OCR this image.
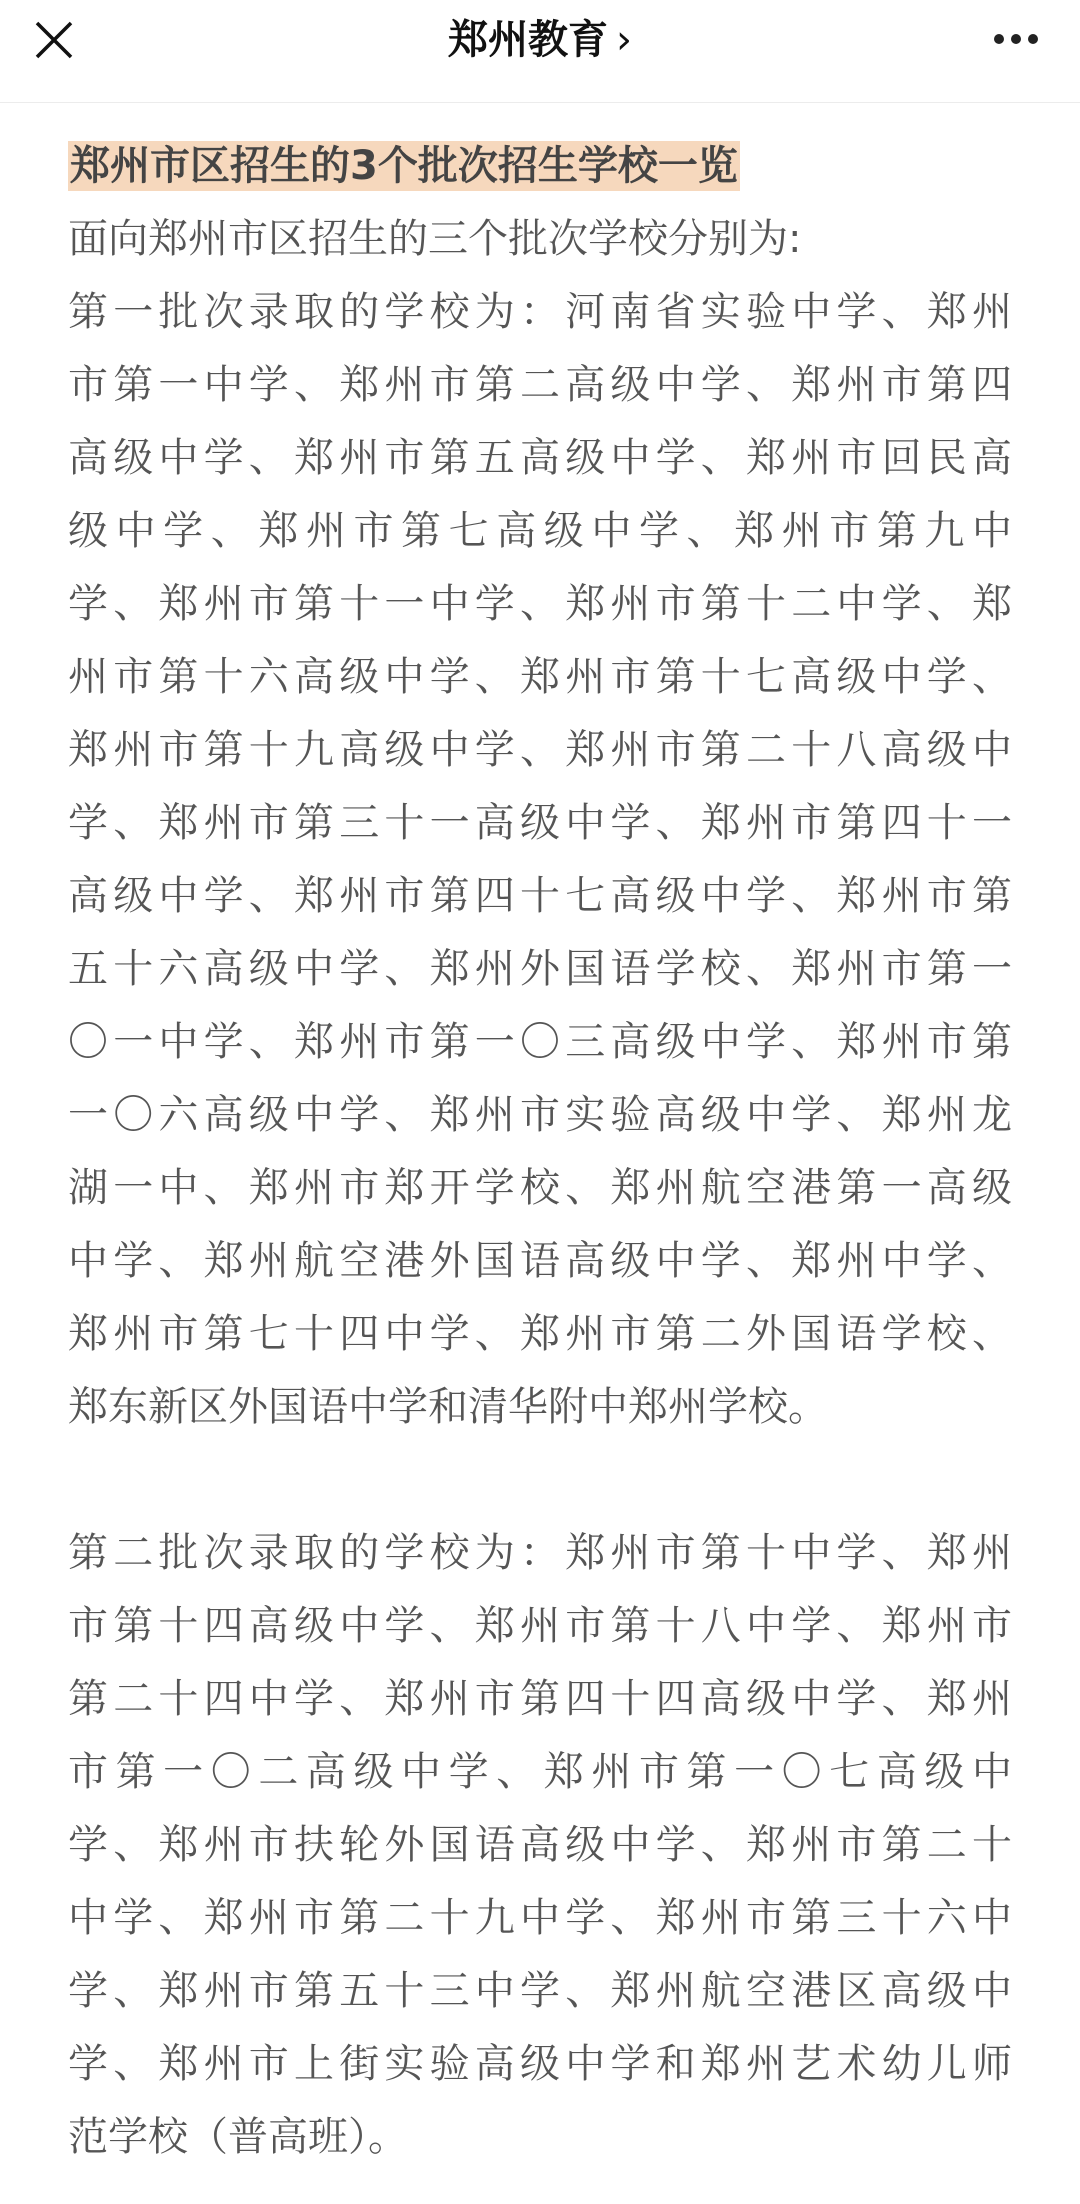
郑州教育 ›
郑州市区招生的3个批次招生学校一览
面向郑州市区招生的三个批次学校分别为:
第一批次录取的学校为：河南省实验中学、郑州
市第一中学、郑州市第二高级中学、郑州市第四
高级中学、郑州市第五高级中学、郑州市回民高
级中学、郑州市第七高级中学、郑州市第九中
学、郑州市第十一中学、郑州市第十二中学、郑
州市第十六高级中学、郑州市第十七高级中学、
郑州市第十九高级中学、郑州市第二十八高级中
学、郑州市第三十一高级中学、郑州市第四十一
高级中学、郑州市第四十七高级中学、郑州市第
五十六高级中学、郑州外国语学校、郑州市第一
〇一中学、郑州市第一〇三高级中学、郑州市第
一〇六高级中学、郑州市实验高级中学、郑州龙
湖一中、郑州市郑开学校、郑州航空港第一高级
中学、郑州航空港外国语高级中学、郑州中学、
郑州市第七十四中学、郑州市第二外国语学校、
郑东新区外国语中学和清华附中郑州学校。
第二批次录取的学校为：郑州市第十中学、郑州
市第十四高级中学、郑州市第十八中学、郑州市
第二十四中学、郑州市第四十四高级中学、郑州
市第一〇二高级中学、郑州市第一〇七高级中
学、郑州市扶轮外国语高级中学、郑州市第二十
中学、郑州市第二十九中学、郑州市第三十六中
学、郑州市第五十三中学、郑州航空港区高级中
学、郑州市上街实验高级中学和郑州艺术幼儿师
范学校（普高班）。
